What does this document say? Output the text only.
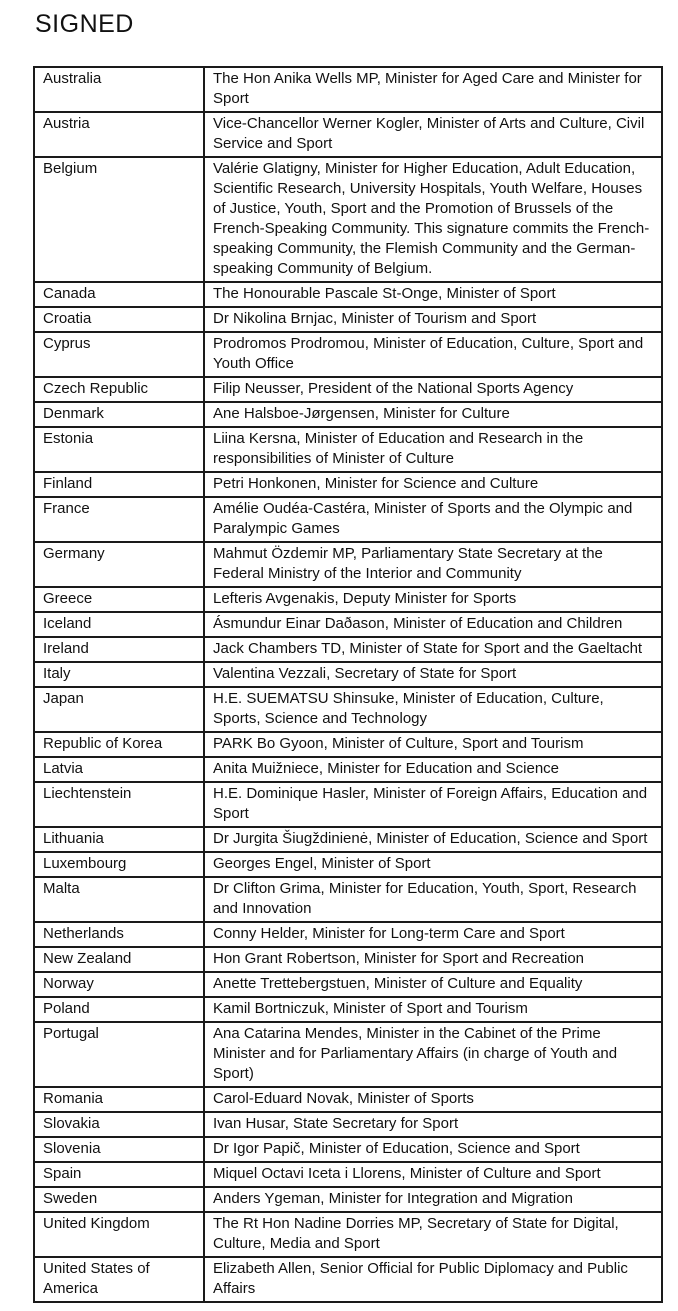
SIGNED
Australia	The Hon Anika Wells MP, Minister for Aged Care and Minister for Sport
Austria	Vice-Chancellor Werner Kogler, Minister of Arts and Culture, Civil Service and Sport
Belgium	Valérie Glatigny, Minister for Higher Education, Adult Education, Scientific Research, University Hospitals, Youth Welfare, Houses of Justice, Youth, Sport and the Promotion of Brussels of the French-Speaking Community. This signature commits the French-speaking Community, the Flemish Community and the German-speaking Community of Belgium.
Canada	The Honourable Pascale St-Onge, Minister of Sport
Croatia	Dr Nikolina Brnjac, Minister of Tourism and Sport
Cyprus	Prodromos Prodromou, Minister of Education, Culture, Sport and Youth Office
Czech Republic	Filip Neusser, President of the National Sports Agency
Denmark	Ane Halsboe-Jørgensen, Minister for Culture
Estonia	Liina Kersna, Minister of Education and Research in the responsibilities of Minister of Culture
Finland	Petri Honkonen, Minister for Science and Culture
France	Amélie Oudéa-Castéra, Minister of Sports and the Olympic and Paralympic Games
Germany	Mahmut Özdemir MP, Parliamentary State Secretary at the Federal Ministry of the Interior and Community
Greece	Lefteris Avgenakis, Deputy Minister for Sports
Iceland	Ásmundur Einar Daðason, Minister of Education and Children
Ireland	Jack Chambers TD, Minister of State for Sport and the Gaeltacht
Italy	Valentina Vezzali, Secretary of State for Sport
Japan	H.E. SUEMATSU Shinsuke, Minister of Education, Culture, Sports, Science and Technology
Republic of Korea	PARK Bo Gyoon, Minister of Culture, Sport and Tourism
Latvia	Anita Muižniece, Minister for Education and Science
Liechtenstein	H.E. Dominique Hasler, Minister of Foreign Affairs, Education and Sport
Lithuania	Dr Jurgita Šiugždinienė, Minister of Education, Science and Sport
Luxembourg	Georges Engel, Minister of Sport
Malta	Dr Clifton Grima, Minister for Education, Youth, Sport, Research and Innovation
Netherlands	Conny Helder, Minister for Long-term Care and Sport
New Zealand	Hon Grant Robertson, Minister for Sport and Recreation
Norway	Anette Trettebergstuen, Minister of Culture and Equality
Poland	Kamil Bortniczuk, Minister of Sport and Tourism
Portugal	Ana Catarina Mendes, Minister in the Cabinet of the Prime Minister and for Parliamentary Affairs (in charge of Youth and Sport)
Romania	Carol-Eduard Novak, Minister of Sports
Slovakia	Ivan Husar, State Secretary for Sport
Slovenia	Dr Igor Papič, Minister of Education, Science and Sport
Spain	Miquel Octavi Iceta i Llorens, Minister of Culture and Sport
Sweden	Anders Ygeman, Minister for Integration and Migration
United Kingdom	The Rt Hon Nadine Dorries MP, Secretary of State for Digital, Culture, Media and Sport
United States of America	Elizabeth Allen, Senior Official for Public Diplomacy and Public Affairs
